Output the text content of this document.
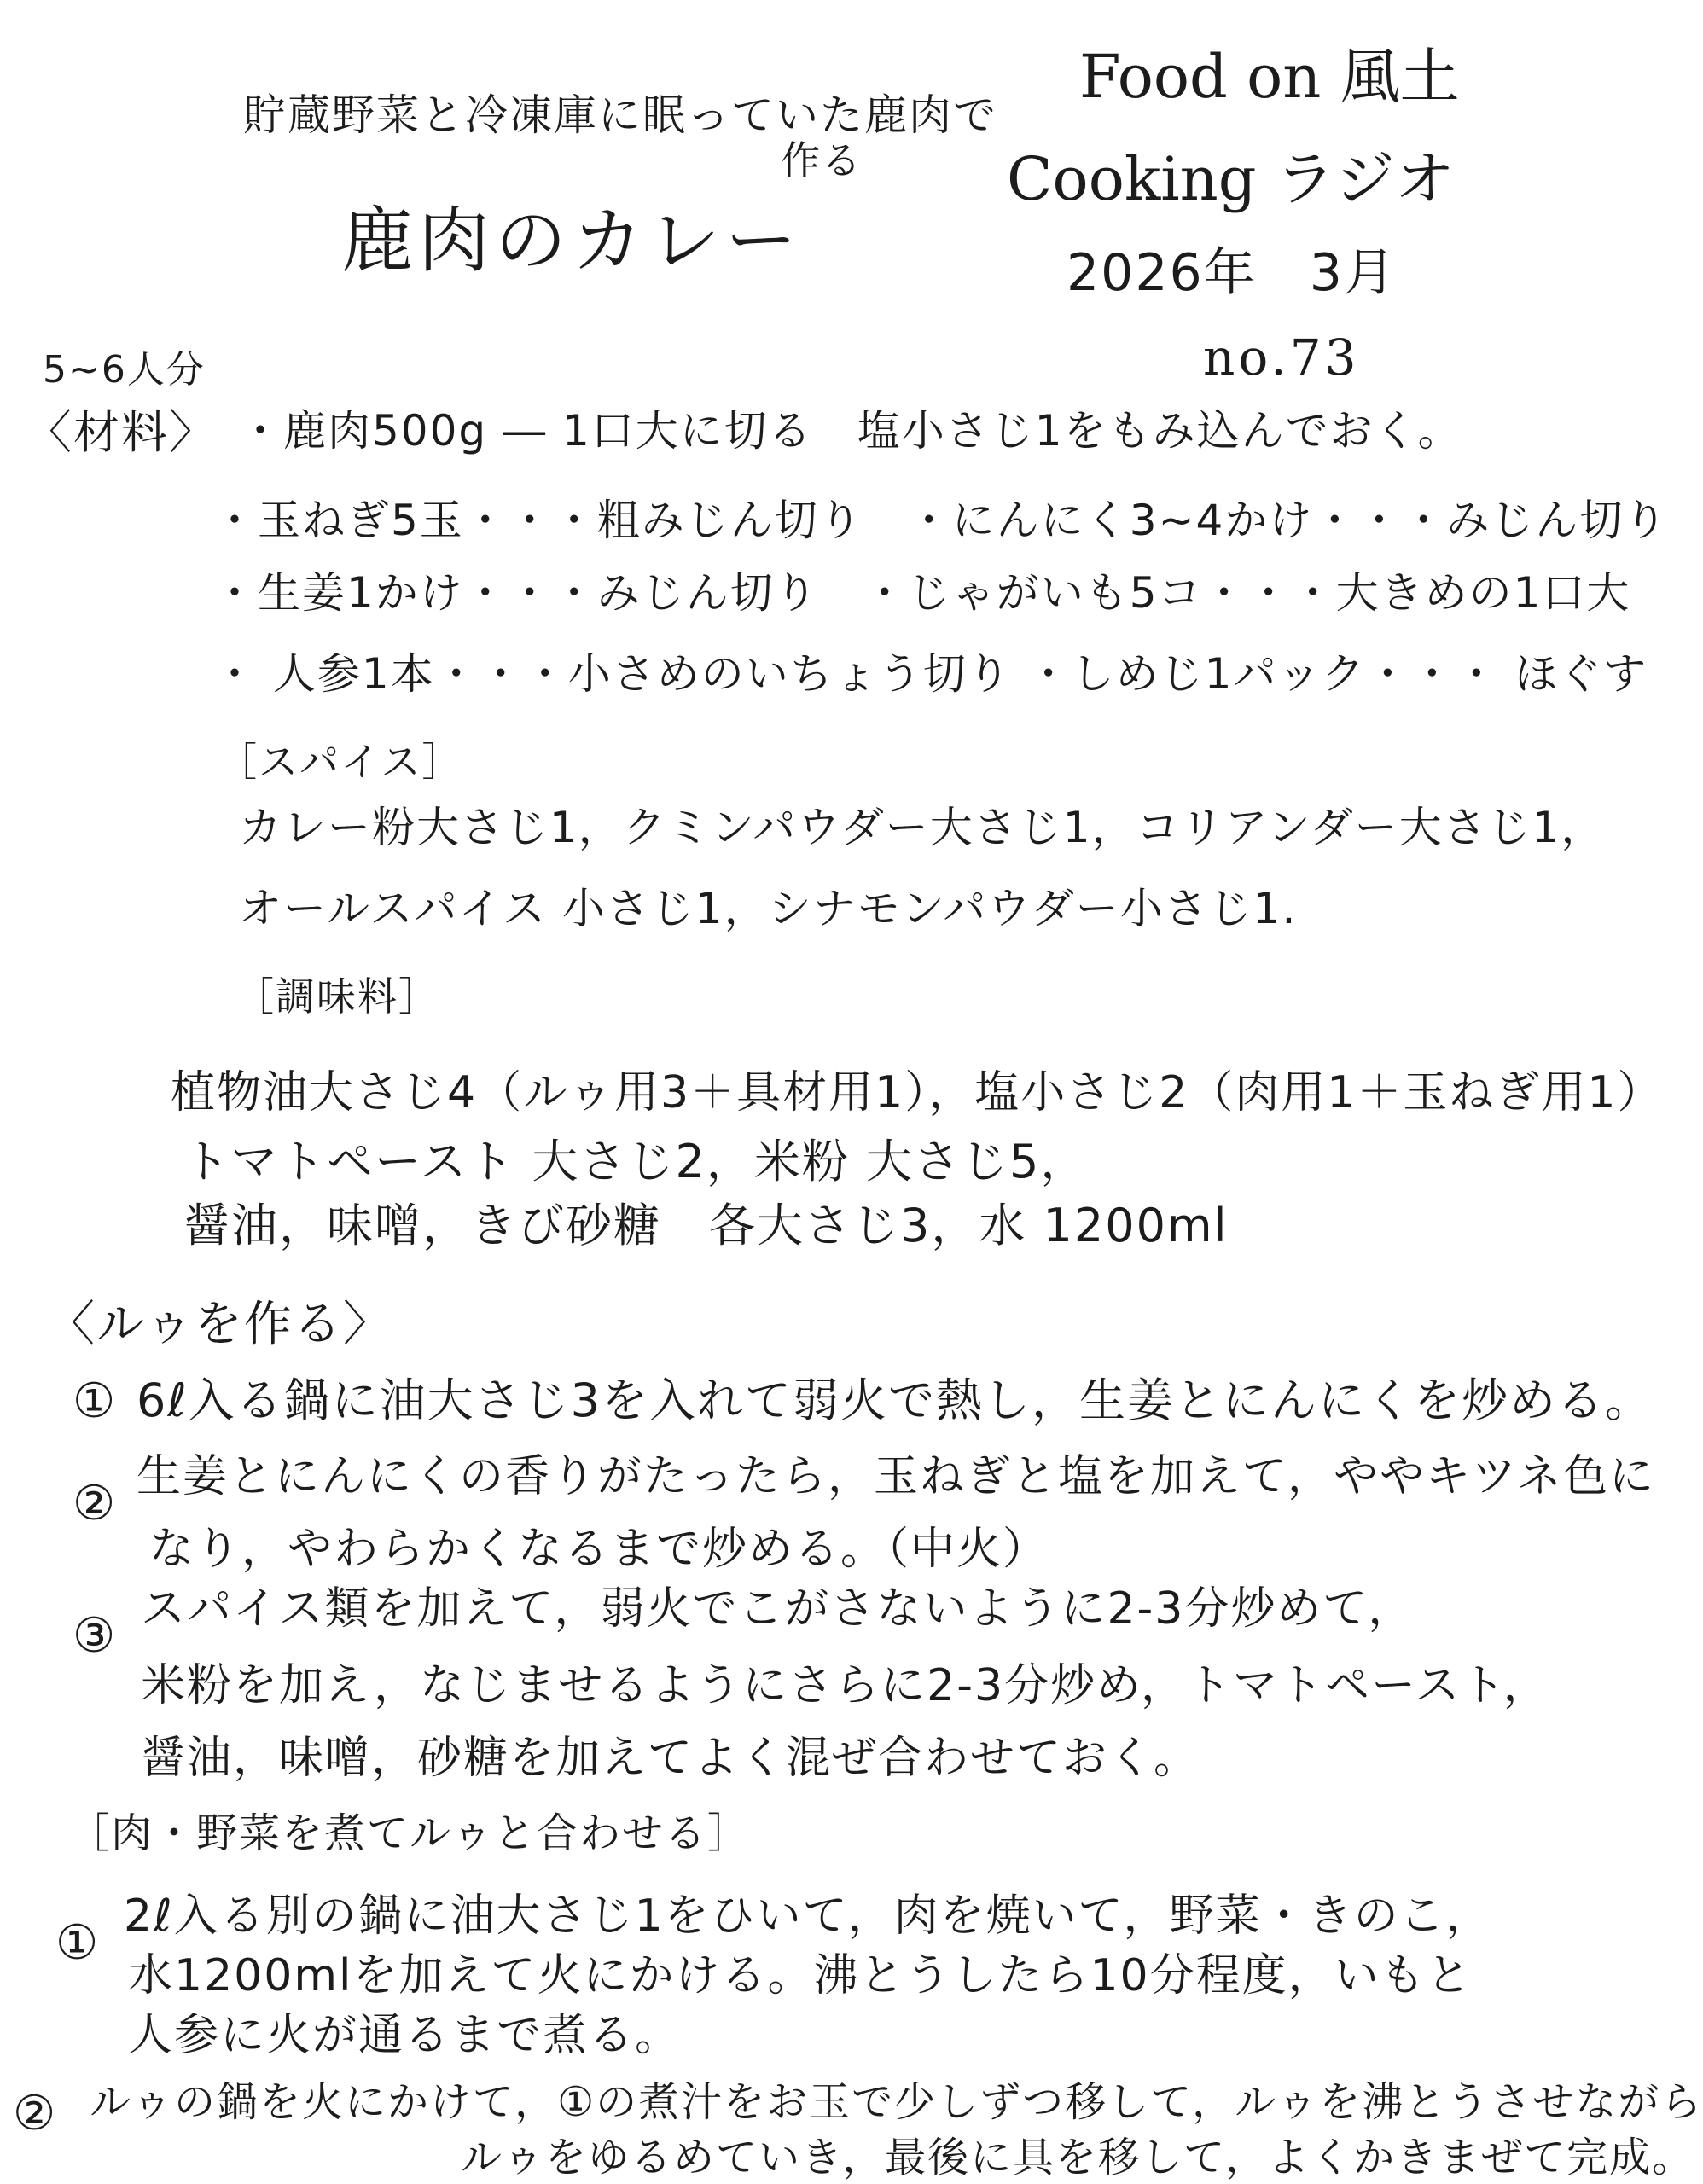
貯蔵野菜と冷凍庫に眠っていた鹿肉で
作る
鹿肉のカレー
Food on 風土
Cooking ラジオ
2026年　3月
no.73
5~6人分
〈材料〉 ・鹿肉500g ― 1口大に切る　塩小さじ1をもみ込んでおく。
・玉ねぎ5玉・・・粗みじん切り　・にんにく3~4かけ・・・みじん切り
・生姜1かけ・・・みじん切り　・じゃがいも5コ・・・大きめの1口大
・ 人参1本・・・小さめのいちょう切り ・しめじ1パック・・・ ほぐす
［スパイス］
カレー粉大さじ1，クミンパウダー大さじ1，コリアンダー大さじ1，
オールスパイス 小さじ1，シナモンパウダー小さじ1.
［調味料］
植物油大さじ4（ルゥ用3＋具材用1），塩小さじ2（肉用1＋玉ねぎ用1）
トマトペースト 大さじ2，米粉 大さじ5，
醤油，味噌，きび砂糖　各大さじ3，水 1200ml
〈ルゥを作る〉
① 6ℓ入る鍋に油大さじ3を入れて弱火で熱し，生姜とにんにくを炒める。
② 生姜とにんにくの香りがたったら，玉ねぎと塩を加えて，ややキツネ色に
なり，やわらかくなるまで炒める。（中火）
③ スパイス類を加えて，弱火でこがさないように2-3分炒めて，
米粉を加え，なじませるようにさらに2-3分炒め，トマトペースト，
醤油，味噌，砂糖を加えてよく混ぜ合わせておく。
［肉・野菜を煮てルゥと合わせる］
① 2ℓ入る別の鍋に油大さじ1をひいて，肉を焼いて，野菜・きのこ，
水1200mlを加えて火にかける。沸とうしたら10分程度，いもと
人参に火が通るまで煮る。
② ルゥの鍋を火にかけて，①の煮汁をお玉で少しずつ移して，ルゥを沸とうさせながら
ルゥをゆるめていき，最後に具を移して，よくかきまぜて完成。
